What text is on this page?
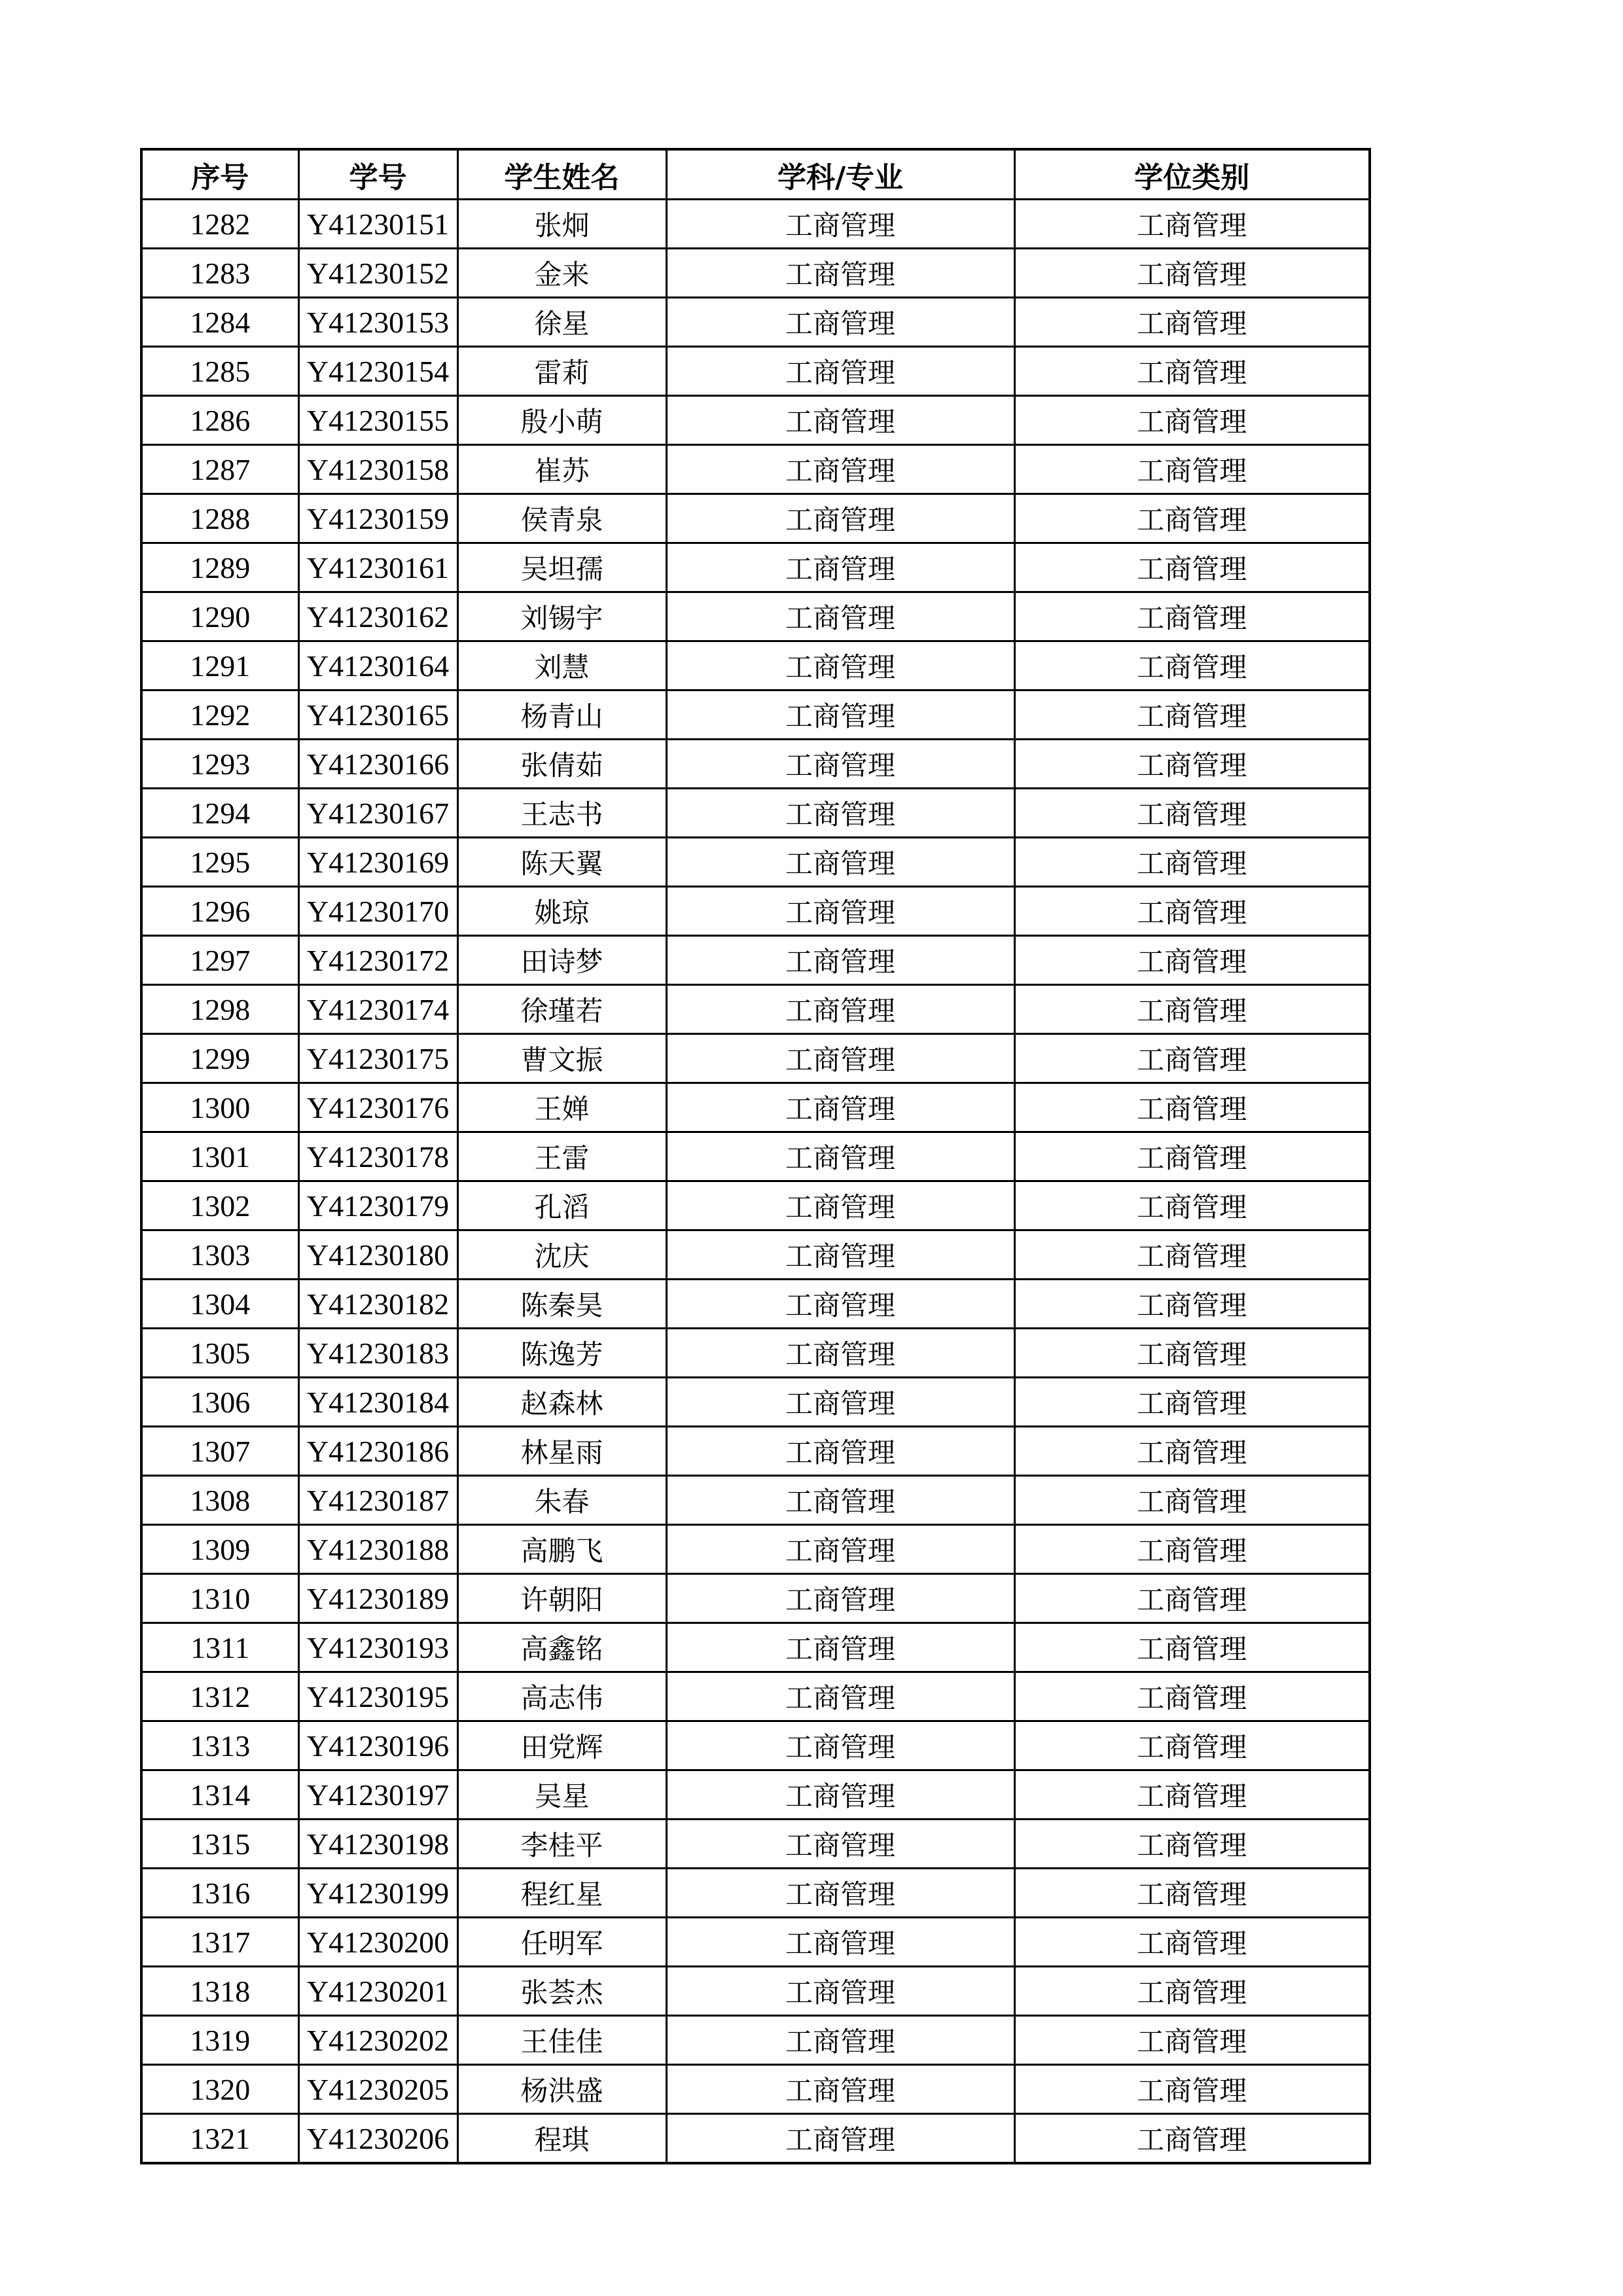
序号	学号	学生姓名	学科/专业	学位类别
1282	Y41230151	张炯	工商管理	工商管理
1283	Y41230152	金来	工商管理	工商管理
1284	Y41230153	徐星	工商管理	工商管理
1285	Y41230154	雷莉	工商管理	工商管理
1286	Y41230155	殷小萌	工商管理	工商管理
1287	Y41230158	崔苏	工商管理	工商管理
1288	Y41230159	侯青泉	工商管理	工商管理
1289	Y41230161	吴坦孺	工商管理	工商管理
1290	Y41230162	刘锡宇	工商管理	工商管理
1291	Y41230164	刘慧	工商管理	工商管理
1292	Y41230165	杨青山	工商管理	工商管理
1293	Y41230166	张倩茹	工商管理	工商管理
1294	Y41230167	王志书	工商管理	工商管理
1295	Y41230169	陈天翼	工商管理	工商管理
1296	Y41230170	姚琼	工商管理	工商管理
1297	Y41230172	田诗梦	工商管理	工商管理
1298	Y41230174	徐瑾若	工商管理	工商管理
1299	Y41230175	曹文振	工商管理	工商管理
1300	Y41230176	王婵	工商管理	工商管理
1301	Y41230178	王雷	工商管理	工商管理
1302	Y41230179	孔滔	工商管理	工商管理
1303	Y41230180	沈庆	工商管理	工商管理
1304	Y41230182	陈秦昊	工商管理	工商管理
1305	Y41230183	陈逸芳	工商管理	工商管理
1306	Y41230184	赵森林	工商管理	工商管理
1307	Y41230186	林星雨	工商管理	工商管理
1308	Y41230187	朱春	工商管理	工商管理
1309	Y41230188	高鹏飞	工商管理	工商管理
1310	Y41230189	许朝阳	工商管理	工商管理
1311	Y41230193	高鑫铭	工商管理	工商管理
1312	Y41230195	高志伟	工商管理	工商管理
1313	Y41230196	田党辉	工商管理	工商管理
1314	Y41230197	吴星	工商管理	工商管理
1315	Y41230198	李桂平	工商管理	工商管理
1316	Y41230199	程红星	工商管理	工商管理
1317	Y41230200	任明军	工商管理	工商管理
1318	Y41230201	张荟杰	工商管理	工商管理
1319	Y41230202	王佳佳	工商管理	工商管理
1320	Y41230205	杨洪盛	工商管理	工商管理
1321	Y41230206	程琪	工商管理	工商管理
